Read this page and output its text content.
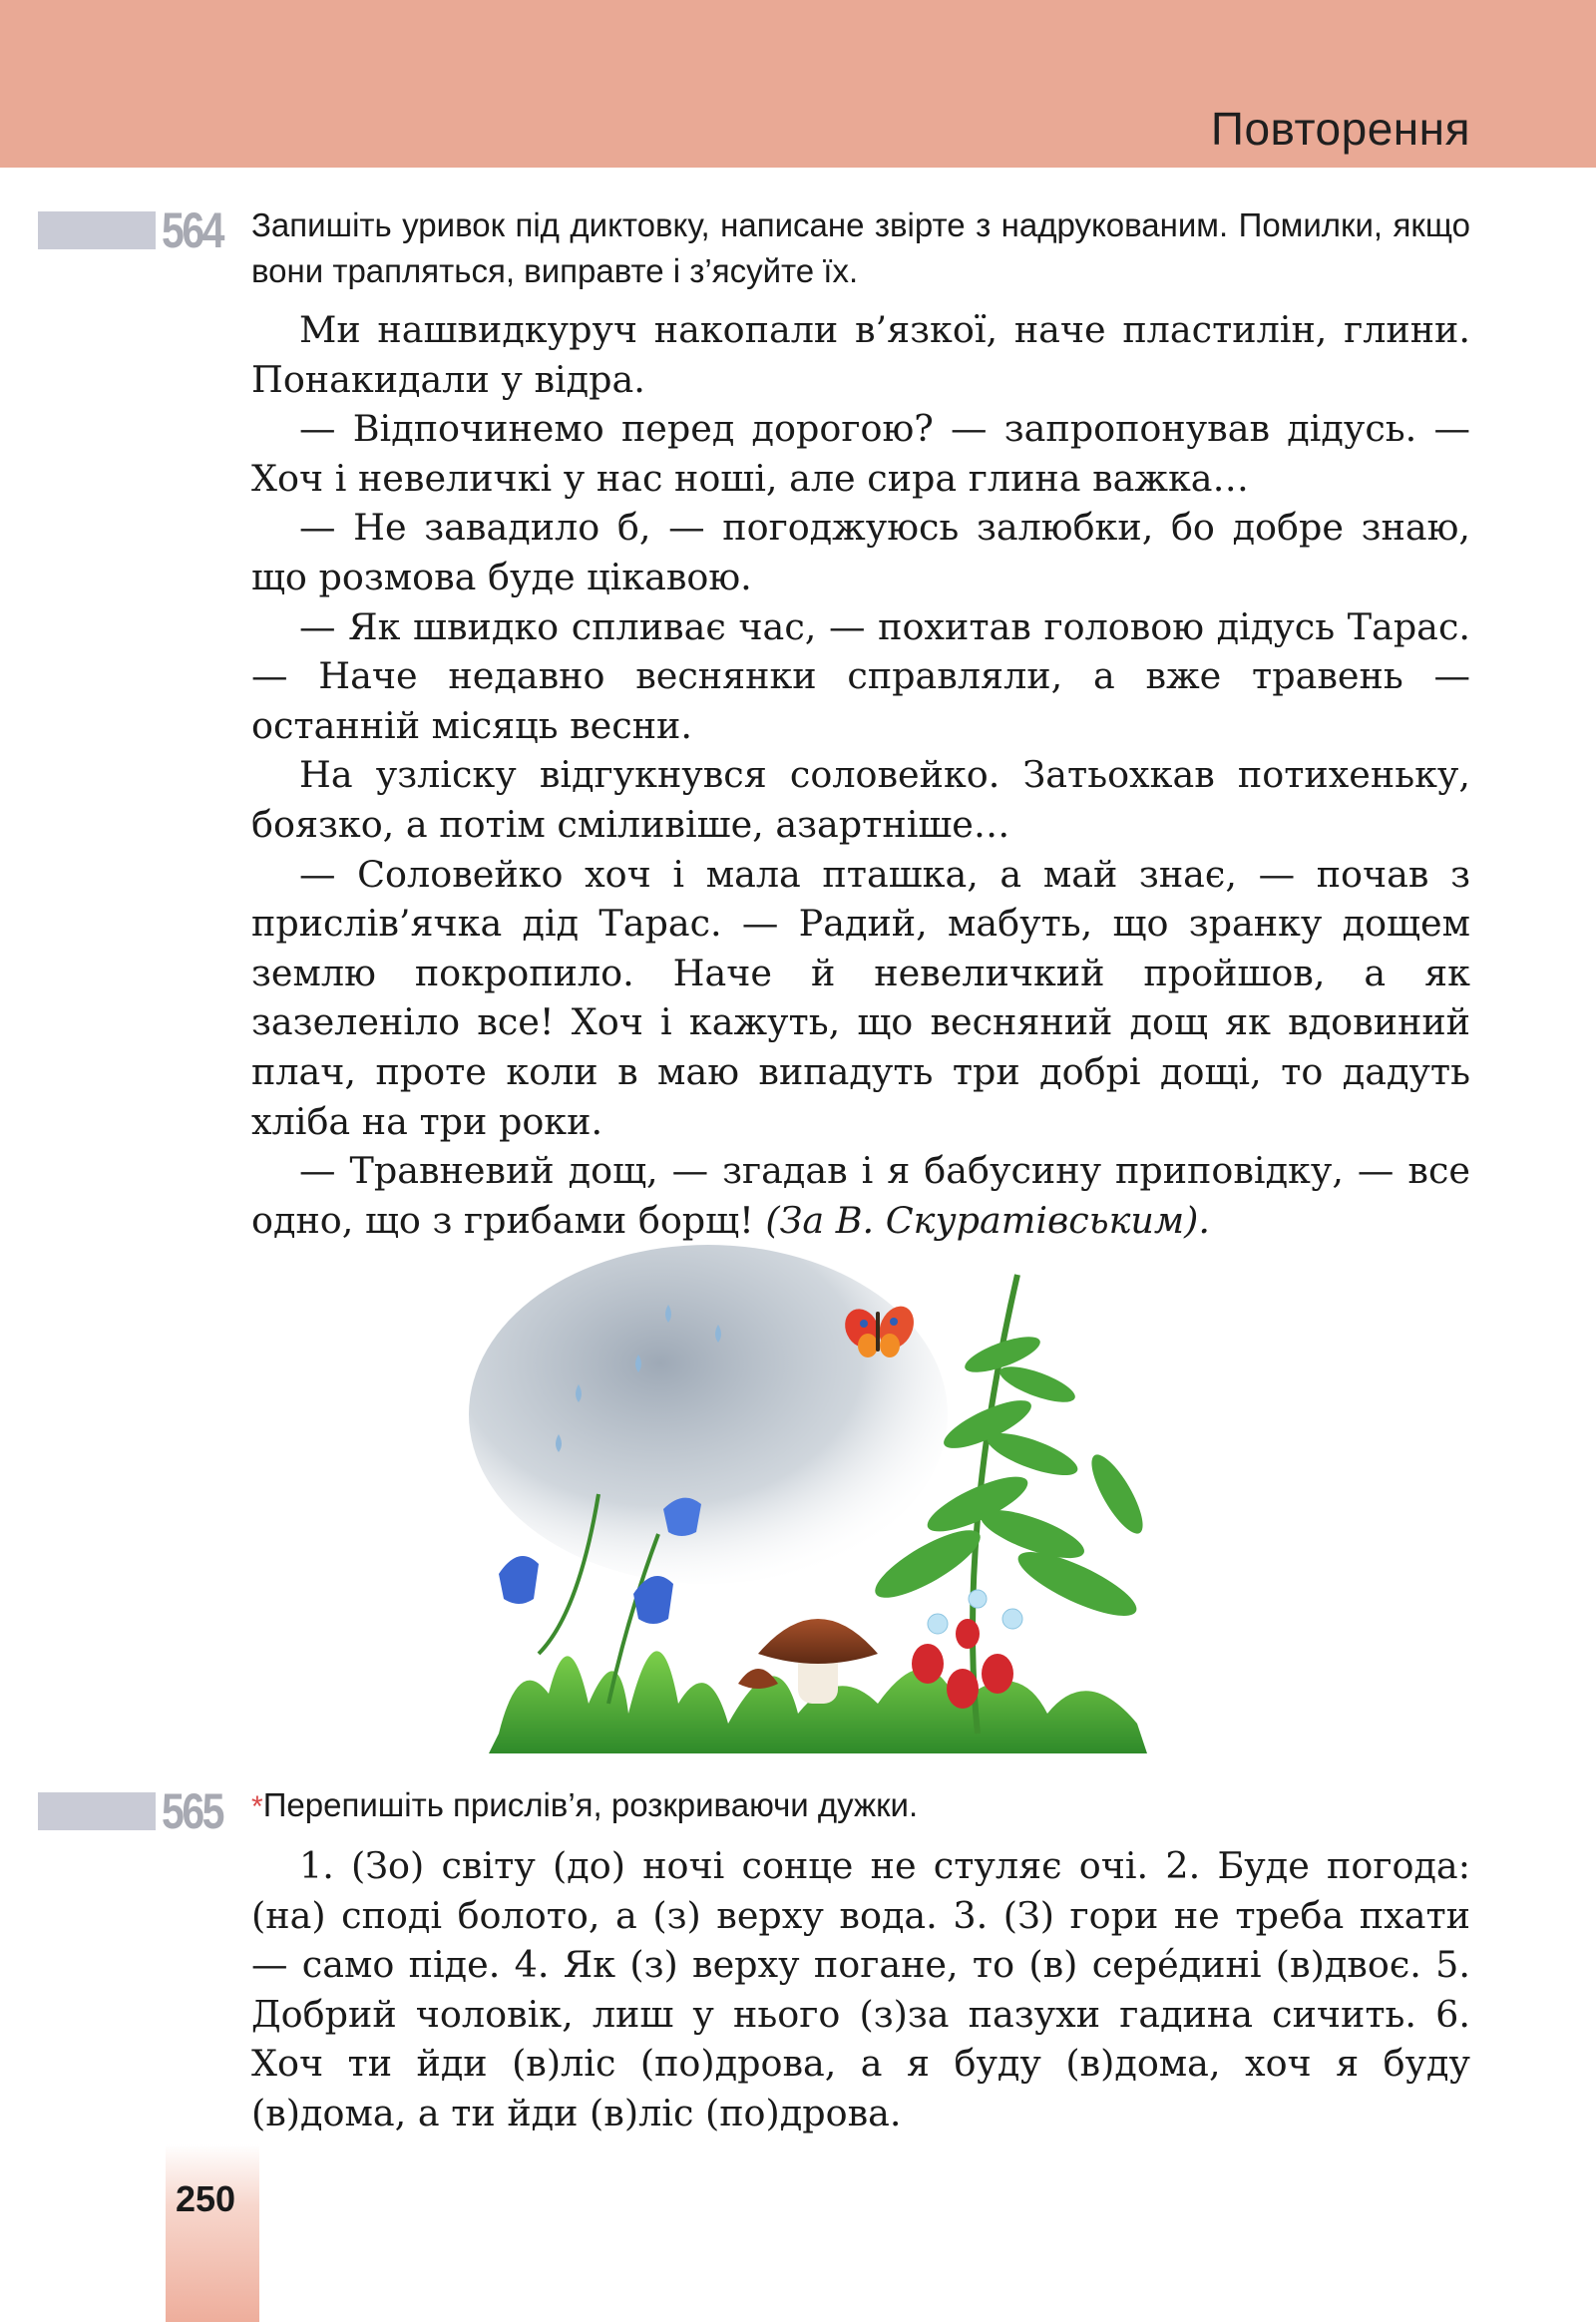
Повторення
564 Запишіть уривок під диктовку, написане звірте з надрукованим. Помилки, якщо вони трапляться, виправте і з’ясуйте їх.

Ми нашвидкуруч накопали в’язкої, наче пластилін, глини. Понакидали у відра.

— Відпочинемо перед дорогою? — запропонував дідусь. — Хоч і невеличкі у нас ноші, але сира глина важка…

— Не завадило б, — погоджуюсь залюбки, бо добре знаю, що розмова буде цікавою.

— Як швидко спливає час, — похитав головою дідусь Тарас. — Наче недавно веснянки справляли, а вже травень — останній місяць весни.

На узліску відгукнувся соловейко. Затьохкав потихеньку, боязко, а потім сміливіше, азартніше…

— Соловейко хоч і мала пташка, а май знає, — почав з прислів’ячка дід Тарас. — Радий, мабуть, що зранку дощем землю покропило. Наче й невеличкий пройшов, а як зазеленіло все! Хоч і кажуть, що весняний дощ як вдовиний плач, проте коли в маю випадуть три добрі дощі, то дадуть хліба на три роки.

— Травневий дощ, — згадав і я бабусину приповідку, — все одно, що з грибами борщ! (За В. Скуратівським).

565 *Перепишіть прислів’я, розкриваючи дужки.

1. (Зо) світу (до) ночі сонце не стуляє очі. 2. Буде погода: (на) споді болото, а (з) верху вода. 3. (З) гори не треба пхати — само піде. 4. Як (з) верху погане, то (в) серéдині (в)двоє. 5. Добрий чоловік, лиш у нього (з)за пазухи гадина сичить. 6. Хоч ти йди (в)ліс (по)дрова, а я буду (в)дома, хоч я буду (в)дома, а ти йди (в)ліс (по)дрова.

250
